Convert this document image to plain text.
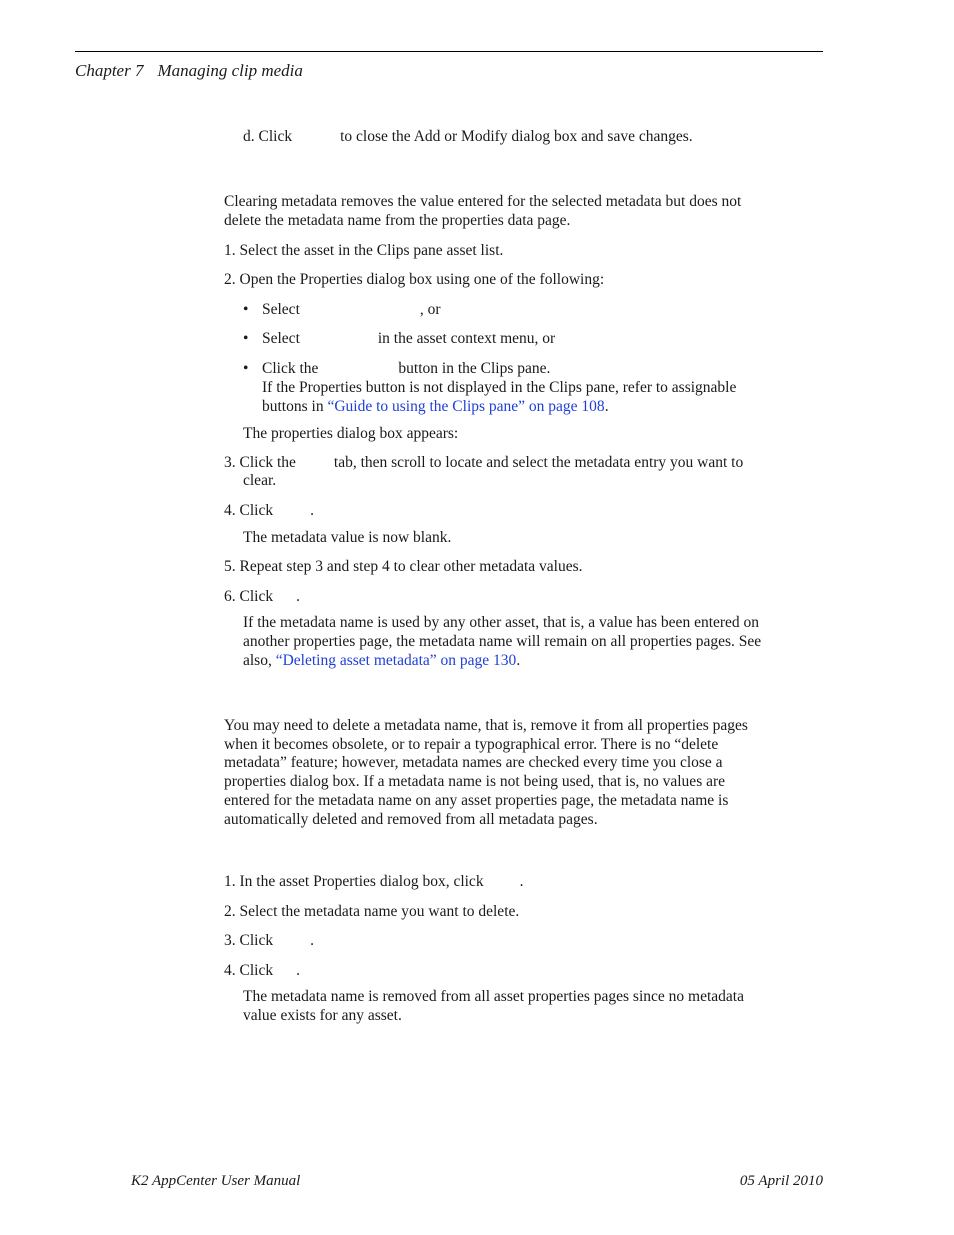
Chapter 7 Managing clip media
d. Click	to close the Add or Modify dialog box and save changes.
Clearing metadata removes the value entered for the selected metadata but does not
delete the metadata name from the properties data page.
1. Select the asset in the Clips pane asset list.
2. Open the Properties dialog box using one of the following:
• Select	, or
• Select	in the asset context menu, or
• Click the	button in the Clips pane.
If the Properties button is not displayed in the Clips pane, refer to assignable
buttons in “Guide to using the Clips pane” on page 108.
The properties dialog box appears:
3. Click the tab, then scroll to locate and select the metadata entry you want to
clear.
4. Click .
The metadata value is now blank.
5. Repeat step 3 and step 4 to clear other metadata values.
6. Click .
If the metadata name is used by any other asset, that is, a value has been entered on
another properties page, the metadata name will remain on all properties pages. See
also, “Deleting asset metadata” on page 130.
You may need to delete a metadata name, that is, remove it from all properties pages
when it becomes obsolete, or to repair a typographical error. There is no “delete
metadata” feature; however, metadata names are checked every time you close a
properties dialog box. If a metadata name is not being used, that is, no values are
entered for the metadata name on any asset properties page, the metadata name is
automatically deleted and removed from all metadata pages.
1. In the asset Properties dialog box, click .
2. Select the metadata name you want to delete.
3. Click .
4. Click .
The metadata name is removed from all asset properties pages since no metadata
value exists for any asset.
K2 AppCenter User Manual	05 April 2010
